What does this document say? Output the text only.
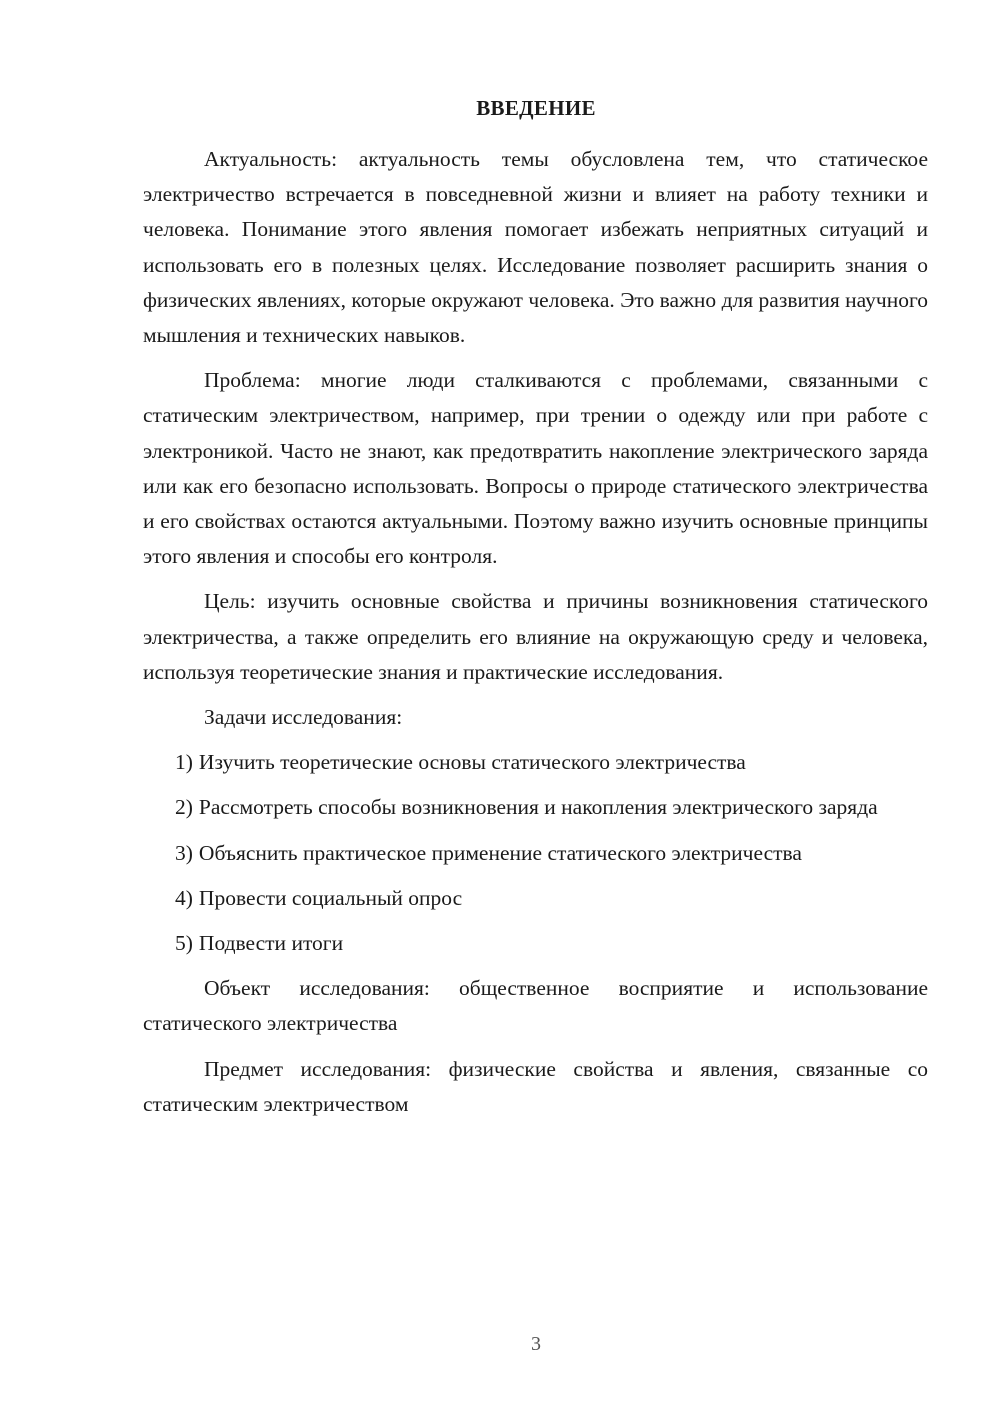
ВВЕДЕНИЕ

Актуальность: актуальность темы обусловлена тем, что статическое электричество встречается в повседневной жизни и влияет на работу техники и человека. Понимание этого явления помогает избежать неприятных ситуаций и использовать его в полезных целях. Исследование позволяет расширить знания о физических явлениях, которые окружают человека. Это важно для развития научного мышления и технических навыков.

Проблема: многие люди сталкиваются с проблемами, связанными с статическим электричеством, например, при трении о одежду или при работе с электроникой. Часто не знают, как предотвратить накопление электрического заряда или как его безопасно использовать. Вопросы о природе статического электричества и его свойствах остаются актуальными. Поэтому важно изучить основные принципы этого явления и способы его контроля.

Цель: изучить основные свойства и причины возникновения статического электричества, а также определить его влияние на окружающую среду и человека, используя теоретические знания и практические исследования.

Задачи исследования:

1) Изучить теоретические основы статического электричества

2) Рассмотреть способы возникновения и накопления электрического заряда

3) Объяснить практическое применение статического электричества

4) Провести социальный опрос

5) Подвести итоги

Объект исследования: общественное восприятие и использование статического электричества

Предмет исследования: физические свойства и явления, связанные со статическим электричеством

3
